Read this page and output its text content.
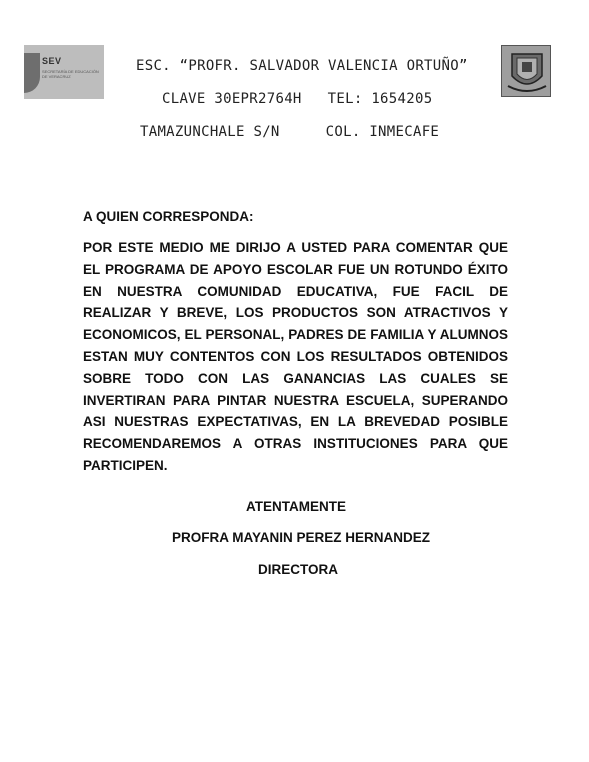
SEV
SECRETARÍA DE EDUCACIÓN DE VERACRUZ
ESC. “PROFR. SALVADOR VALENCIA ORTUÑO”
CLAVE 30EPR2764H TEL: 1654205
TAMAZUNCHALE S/N	COL. INMECAFE
A QUIEN CORRESPONDA:
POR ESTE MEDIO ME DIRIJO A USTED PARA COMENTAR QUE EL PROGRAMA DE APOYO ESCOLAR FUE UN ROTUNDO ÉXITO EN NUESTRA COMUNIDAD EDUCATIVA, FUE FACIL DE REALIZAR Y BREVE, LOS PRODUCTOS SON ATRACTIVOS Y ECONOMICOS, EL PERSONAL, PADRES DE FAMILIA Y ALUMNOS ESTAN MUY CONTENTOS CON LOS RESULTADOS OBTENIDOS SOBRE TODO CON LAS GANANCIAS LAS CUALES SE INVERTIRAN PARA PINTAR NUESTRA ESCUELA, SUPERANDO ASI NUESTRAS EXPECTATIVAS, EN LA BREVEDAD POSIBLE RECOMENDAREMOS A OTRAS INSTITUCIONES PARA QUE PARTICIPEN.
ATENTAMENTE
PROFRA MAYANIN PEREZ HERNANDEZ
DIRECTORA
